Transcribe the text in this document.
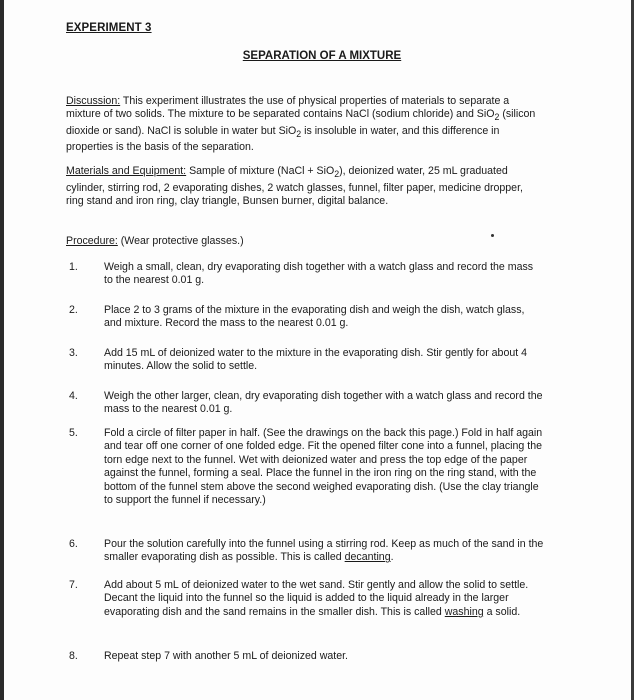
EXPERIMENT 3
SEPARATION OF A MIXTURE
Discussion: This experiment illustrates the use of physical properties of materials to separate a mixture of two solids. The mixture to be separated contains NaCl (sodium chloride) and SiO$_2$ (silicon dioxide or sand). NaCl is soluble in water but SiO$_2$ is insoluble in water, and this difference in properties is the basis of the separation.
Materials and Equipment: Sample of mixture (NaCl + SiO$_2$), deionized water, 25 mL graduated cylinder, stirring rod, 2 evaporating dishes, 2 watch glasses, funnel, filter paper, medicine dropper, ring stand and iron ring, clay triangle, Bunsen burner, digital balance.
Procedure: (Wear protective glasses.)
1. Weigh a small, clean, dry evaporating dish together with a watch glass and record the mass to the nearest 0.01 g.
2. Place 2 to 3 grams of the mixture in the evaporating dish and weigh the dish, watch glass, and mixture. Record the mass to the nearest 0.01 g.
3. Add 15 mL of deionized water to the mixture in the evaporating dish. Stir gently for about 4 minutes. Allow the solid to settle.
4. Weigh the other larger, clean, dry evaporating dish together with a watch glass and record the mass to the nearest 0.01 g.
5. Fold a circle of filter paper in half. (See the drawings on the back this page.) Fold in half again and tear off one corner of one folded edge. Fit the opened filter cone into a funnel, placing the torn edge next to the funnel. Wet with deionized water and press the top edge of the paper against the funnel, forming a seal. Place the funnel in the iron ring on the ring stand, with the bottom of the funnel stem above the second weighed evaporating dish. (Use the clay triangle to support the funnel if necessary.)
6. Pour the solution carefully into the funnel using a stirring rod. Keep as much of the sand in the smaller evaporating dish as possible. This is called decanting.
7. Add about 5 mL of deionized water to the wet sand. Stir gently and allow the solid to settle. Decant the liquid into the funnel so the liquid is added to the liquid already in the larger evaporating dish and the sand remains in the smaller dish. This is called washing a solid.
8. Repeat step 7 with another 5 mL of deionized water.
